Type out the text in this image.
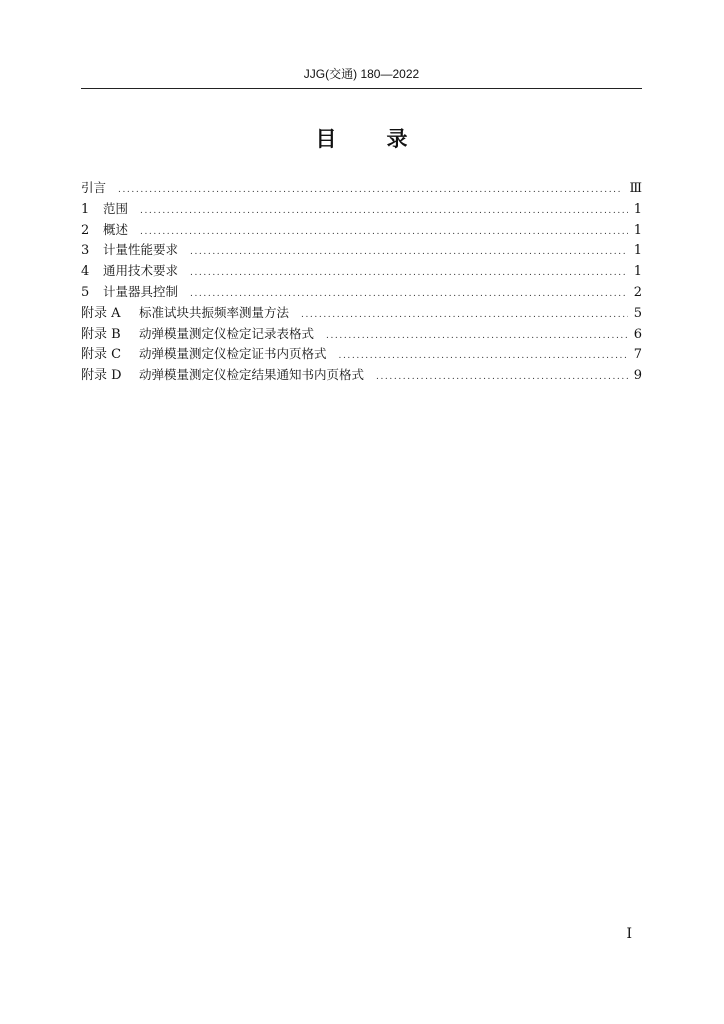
JJG(交通) 180—2022
目 录
引言 .....	Ⅲ
1	范围 .....	1
2	概述 .....	1
3	计量性能要求 .....	1
4	通用技术要求 .....	1
5	计量器具控制 .....	2
附录 A	标准试块共振频率测量方法 .....	5
附录 B	动弹模量测定仪检定记录表格式 .....	6
附录 C	动弹模量测定仪检定证书内页格式 .....	7
附录 D	动弹模量测定仪检定结果通知书内页格式 .....	9
I
